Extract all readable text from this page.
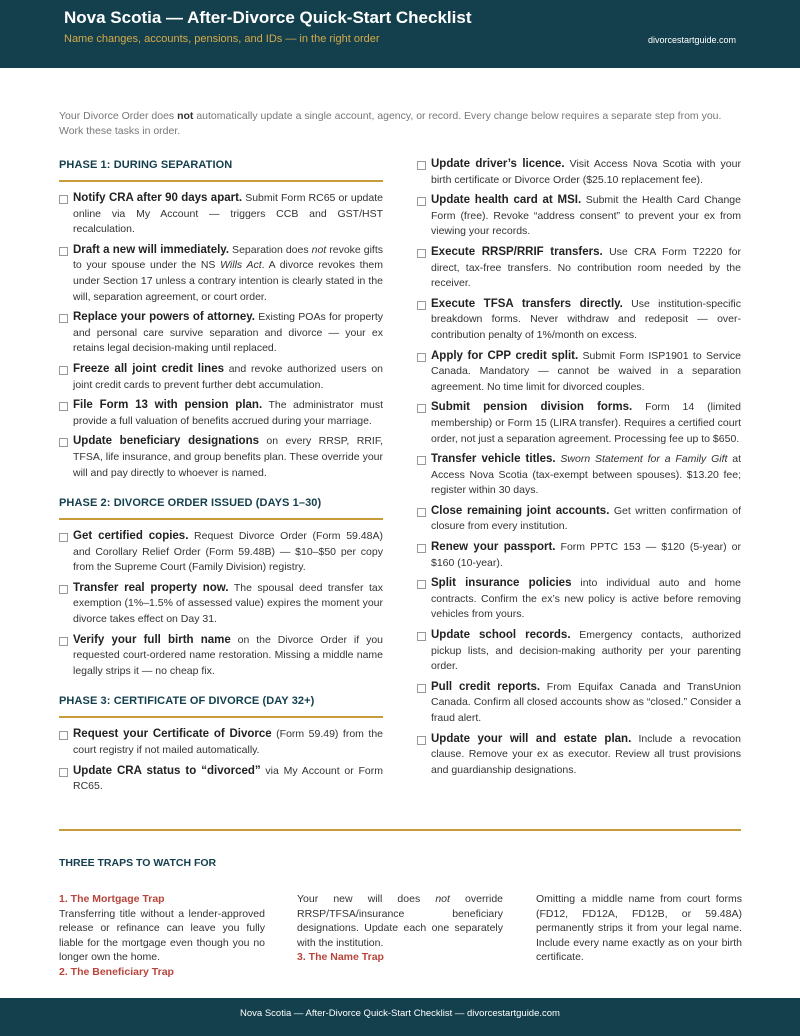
Nova Scotia — After-Divorce Quick-Start Checklist
Name changes, accounts, pensions, and IDs — in the right order	divorcestartguide.com
Your Divorce Order does not automatically update a single account, agency, or record. Every change below requires a separate step from you. Work these tasks in order.
PHASE 1: DURING SEPARATION
Notify CRA after 90 days apart. Submit Form RC65 or update online via My Account — triggers CCB and GST/HST recalculation.
Draft a new will immediately. Separation does not revoke gifts to your spouse under the NS Wills Act. A divorce revokes them under Section 17 unless a contrary intention is clearly stated in the will, separation agreement, or court order.
Replace your powers of attorney. Existing POAs for property and personal care survive separation and divorce — your ex retains legal decision-making until replaced.
Freeze all joint credit lines and revoke authorized users on joint credit cards to prevent further debt accumulation.
File Form 13 with pension plan. The administrator must provide a full valuation of benefits accrued during your marriage.
Update beneficiary designations on every RRSP, RRIF, TFSA, life insurance, and group benefits plan. These override your will and pay directly to whoever is named.
PHASE 2: DIVORCE ORDER ISSUED (DAYS 1–30)
Get certified copies. Request Divorce Order (Form 59.48A) and Corollary Relief Order (Form 59.48B) — $10–$50 per copy from the Supreme Court (Family Division) registry.
Transfer real property now. The spousal deed transfer tax exemption (1%–1.5% of assessed value) expires the moment your divorce takes effect on Day 31.
Verify your full birth name on the Divorce Order if you requested court-ordered name restoration. Missing a middle name legally strips it — no cheap fix.
PHASE 3: CERTIFICATE OF DIVORCE (DAY 32+)
Request your Certificate of Divorce (Form 59.49) from the court registry if not mailed automatically.
Update CRA status to “divorced” via My Account or Form RC65.
Update driver’s licence. Visit Access Nova Scotia with your birth certificate or Divorce Order ($25.10 replacement fee).
Update health card at MSI. Submit the Health Card Change Form (free). Revoke “address consent” to prevent your ex from viewing your records.
Execute RRSP/RRIF transfers. Use CRA Form T2220 for direct, tax-free transfers. No contribution room needed by the receiver.
Execute TFSA transfers directly. Use institution-specific breakdown forms. Never withdraw and redeposit — over-contribution penalty of 1%/month on excess.
Apply for CPP credit split. Submit Form ISP1901 to Service Canada. Mandatory — cannot be waived in a separation agreement. No time limit for divorced couples.
Submit pension division forms. Form 14 (limited membership) or Form 15 (LIRA transfer). Requires a certified court order, not just a separation agreement. Processing fee up to $650.
Transfer vehicle titles. Sworn Statement for a Family Gift at Access Nova Scotia (tax-exempt between spouses). $13.20 fee; register within 30 days.
Close remaining joint accounts. Get written confirmation of closure from every institution.
Renew your passport. Form PPTC 153 — $120 (5-year) or $160 (10-year).
Split insurance policies into individual auto and home contracts. Confirm the ex’s new policy is active before removing vehicles from yours.
Update school records. Emergency contacts, authorized pickup lists, and decision-making authority per your parenting order.
Pull credit reports. From Equifax Canada and TransUnion Canada. Confirm all closed accounts show as “closed.” Consider a fraud alert.
Update your will and estate plan. Include a revocation clause. Remove your ex as executor. Review all trust provisions and guardianship designations.
THREE TRAPS TO WATCH FOR
1. The Mortgage Trap
Transferring title without a lender-approved release or refinance can leave you fully liable for the mortgage even though you no longer own the home.
2. The Beneficiary Trap
Your new will does not override RRSP/TFSA/insurance beneficiary designations. Update each one separately with the institution.
3. The Name Trap
Omitting a middle name from court forms (FD12, FD12A, FD12B, or 59.48A) permanently strips it from your legal name. Include every name exactly as on your birth certificate.
Nova Scotia — After-Divorce Quick-Start Checklist — divorcestartguide.com
